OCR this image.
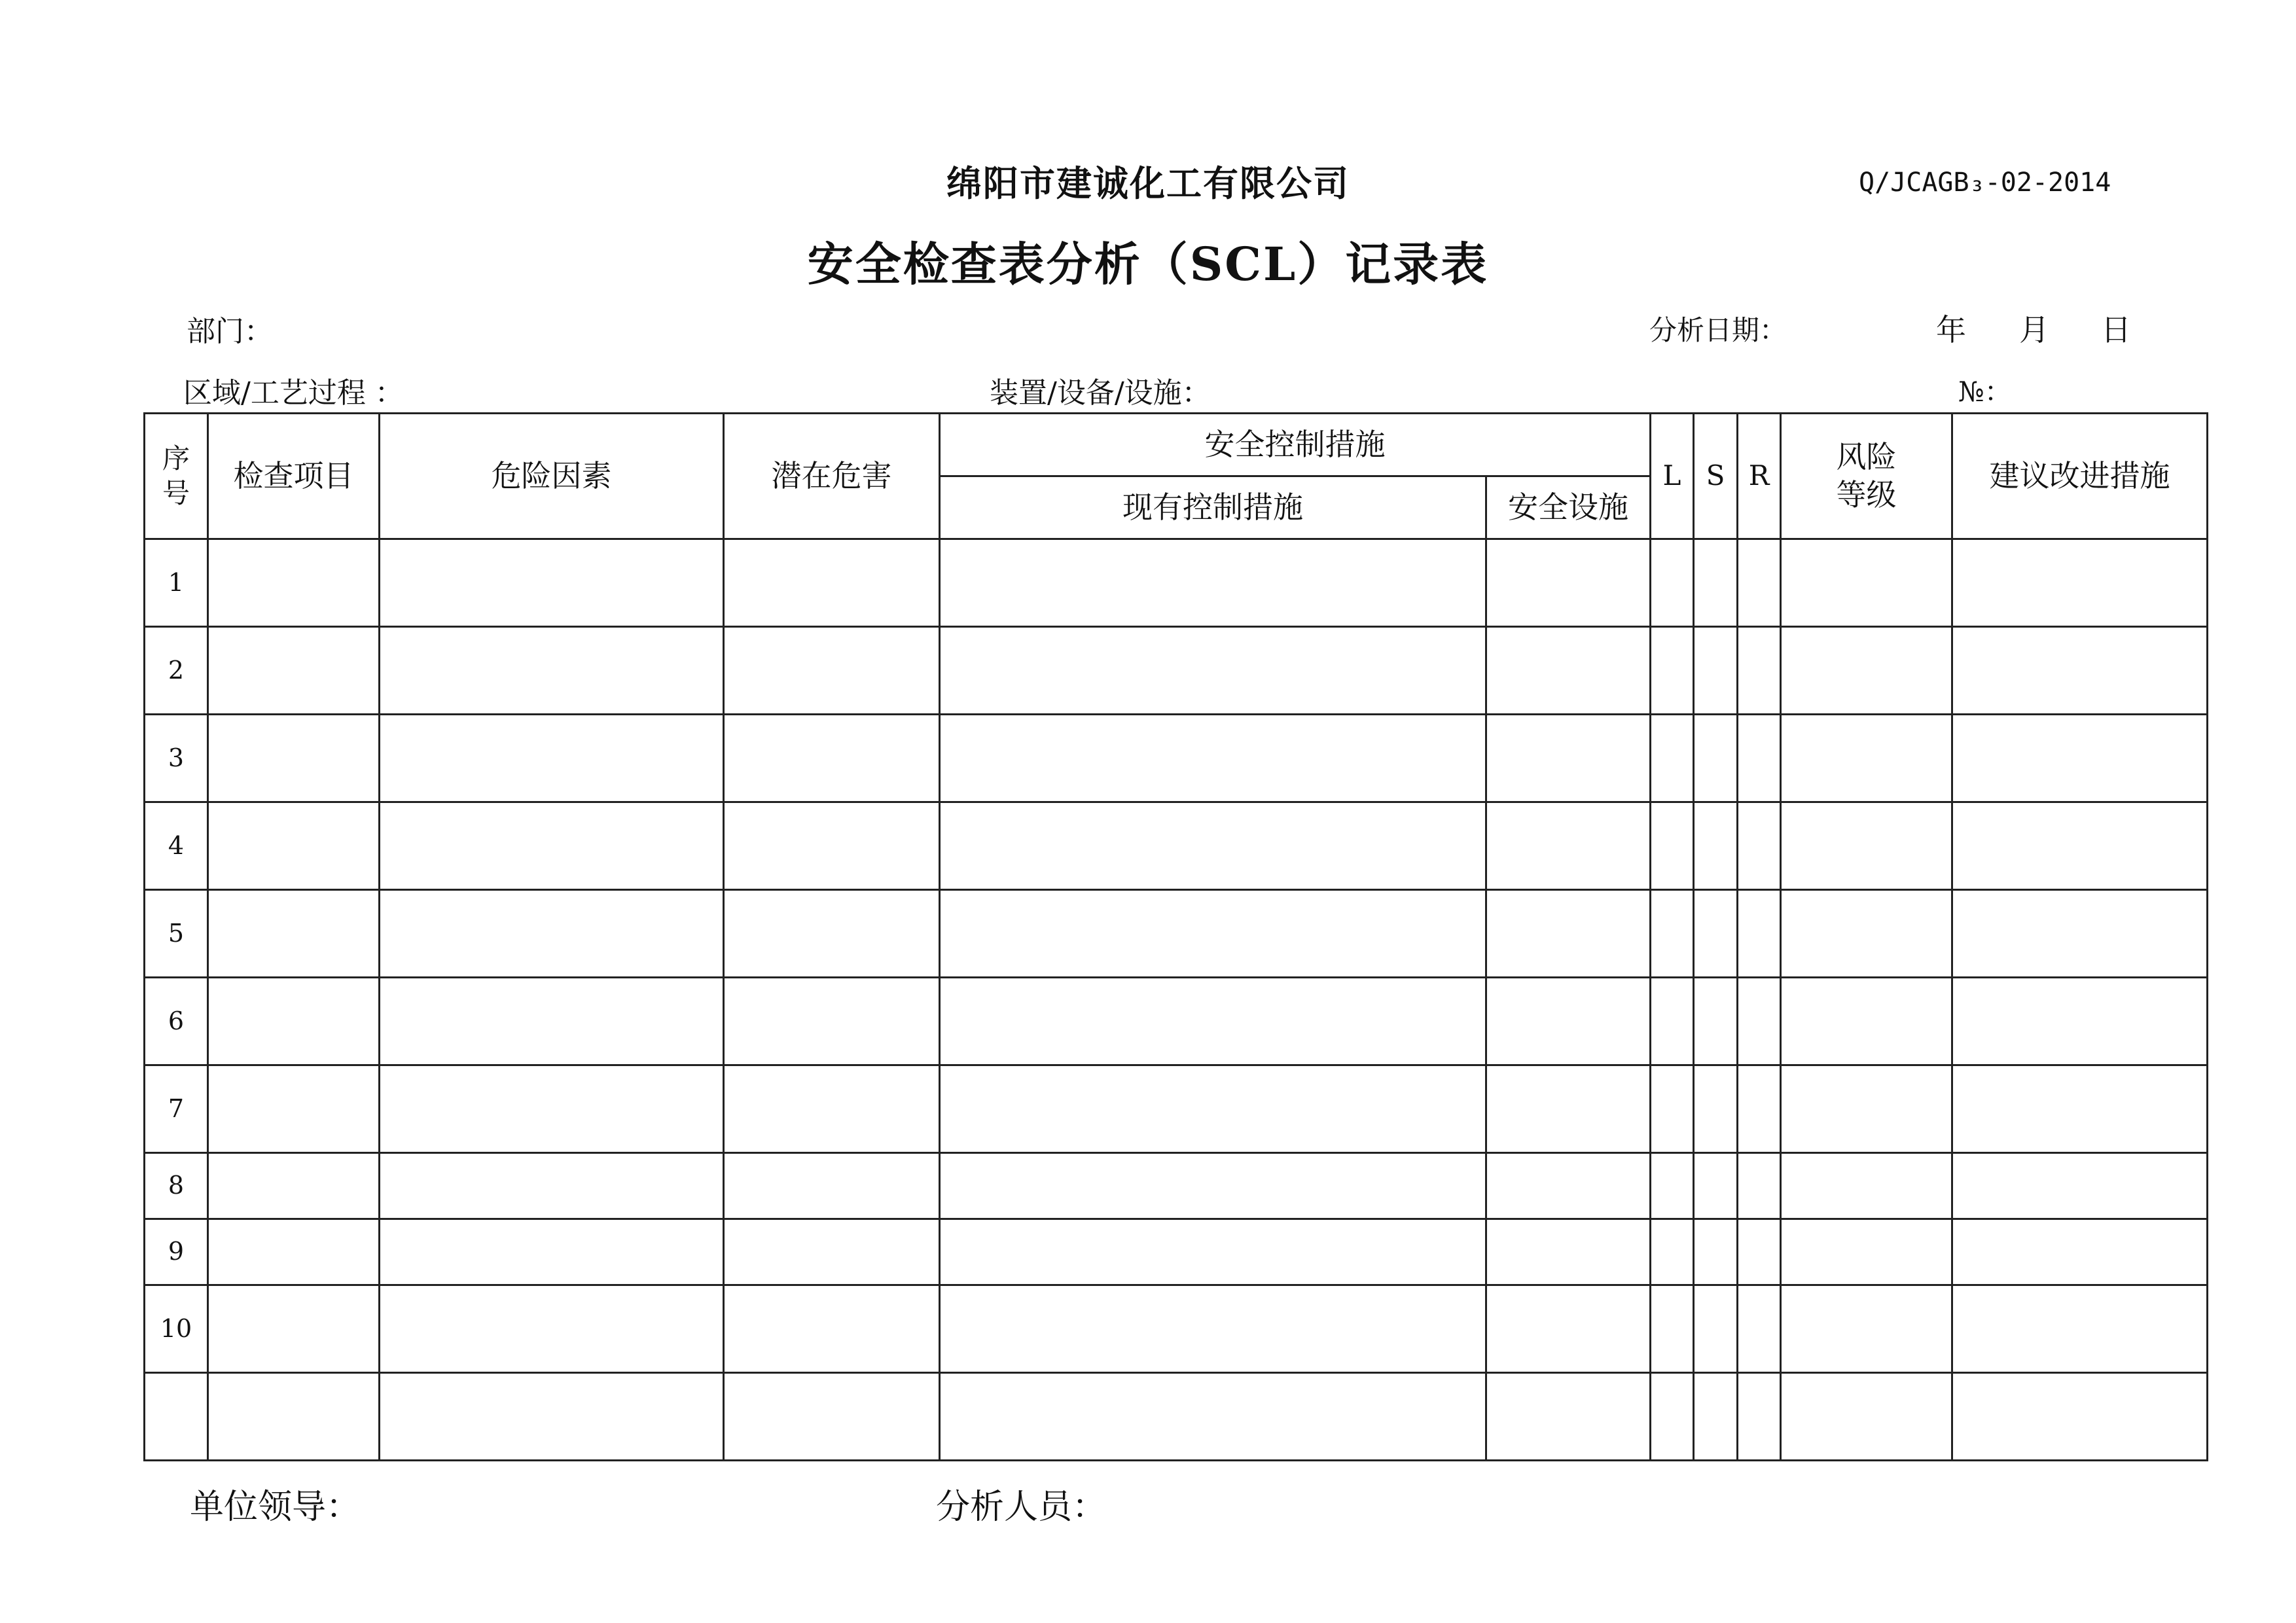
绵阳市建诚化工有限公司	Q/JCAGB₃-02-2014
安全检查表分析（SCL）记录表
部门：	分析日期：	年 月 日
区域/工艺过程 ：	装置/设备/设施：	№：
序号	检查项目	危险因素	潜在危害	安全控制措施		L	S	R	风险等级	建议改进措施
				现有控制措施	安全设施					
1										
2										
3										
4										
5										
6										
7										
8										
9										
10										

单位领导：	分析人员：
